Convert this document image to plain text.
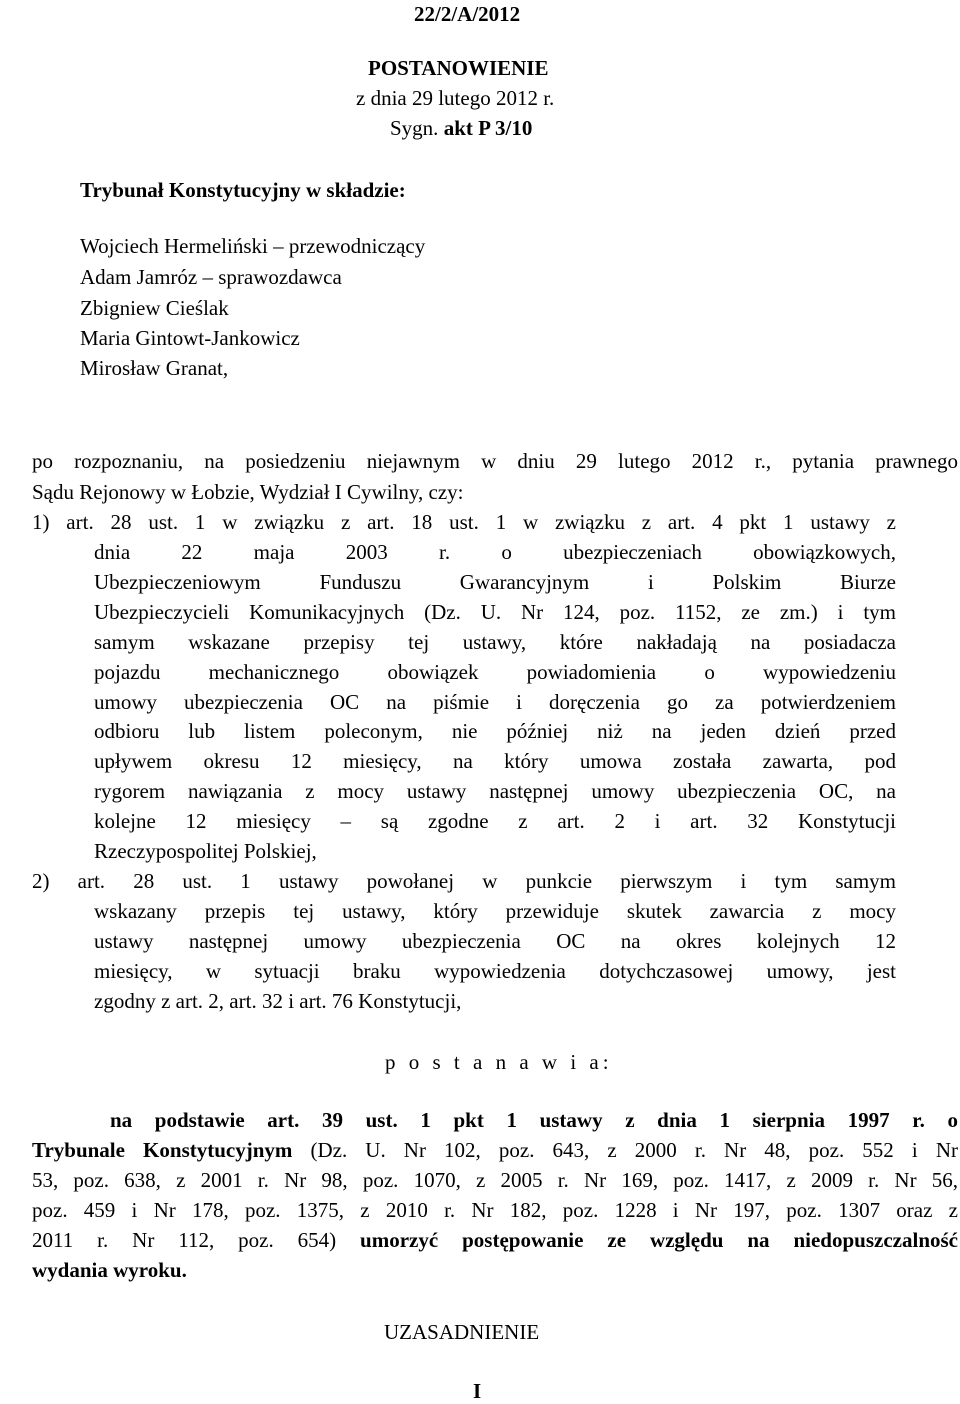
22/2/A/2012
POSTANOWIENIE
z dnia 29 lutego 2012 r.
Sygn. akt P 3/10
Trybunał Konstytucyjny w składzie:
Wojciech Hermeliński – przewodniczący
Adam Jamróz – sprawozdawca
Zbigniew Cieślak
Maria Gintowt-Jankowicz
Mirosław Granat,
po rozpoznaniu, na posiedzeniu niejawnym w dniu 29 lutego 2012 r., pytania prawnego
Sądu Rejonowy w Łobzie, Wydział I Cywilny, czy:
1) art. 28 ust. 1 w związku z art. 18 ust. 1 w związku z art. 4 pkt 1 ustawy z
dnia 22 maja 2003 r. o ubezpieczeniach obowiązkowych,
Ubezpieczeniowym Funduszu Gwarancyjnym i Polskim Biurze
Ubezpieczycieli Komunikacyjnych (Dz. U. Nr 124, poz. 1152, ze zm.) i tym
samym wskazane przepisy tej ustawy, które nakładają na posiadacza
pojazdu mechanicznego obowiązek powiadomienia o wypowiedzeniu
umowy ubezpieczenia OC na piśmie i doręczenia go za potwierdzeniem
odbioru lub listem poleconym, nie później niż na jeden dzień przed
upływem okresu 12 miesięcy, na który umowa została zawarta, pod
rygorem nawiązania z mocy ustawy następnej umowy ubezpieczenia OC, na
kolejne 12 miesięcy – są zgodne z art. 2 i art. 32 Konstytucji
Rzeczypospolitej Polskiej,
2) art. 28 ust. 1 ustawy powołanej w punkcie pierwszym i tym samym
wskazany przepis tej ustawy, który przewiduje skutek zawarcia z mocy
ustawy następnej umowy ubezpieczenia OC na okres kolejnych 12
miesięcy, w sytuacji braku wypowiedzenia dotychczasowej umowy, jest
zgodny z art. 2, art. 32 i art. 76 Konstytucji,
p o s t a n a w i a:
na podstawie art. 39 ust. 1 pkt 1 ustawy z dnia 1 sierpnia 1997 r. o
Trybunale Konstytucyjnym (Dz. U. Nr 102, poz. 643, z 2000 r. Nr 48, poz. 552 i Nr
53, poz. 638, z 2001 r. Nr 98, poz. 1070, z 2005 r. Nr 169, poz. 1417, z 2009 r. Nr 56,
poz. 459 i Nr 178, poz. 1375, z 2010 r. Nr 182, poz. 1228 i Nr 197, poz. 1307 oraz z
2011 r. Nr 112, poz. 654) umorzyć postępowanie ze względu na niedopuszczalność
wydania wyroku.
UZASADNIENIE
I
